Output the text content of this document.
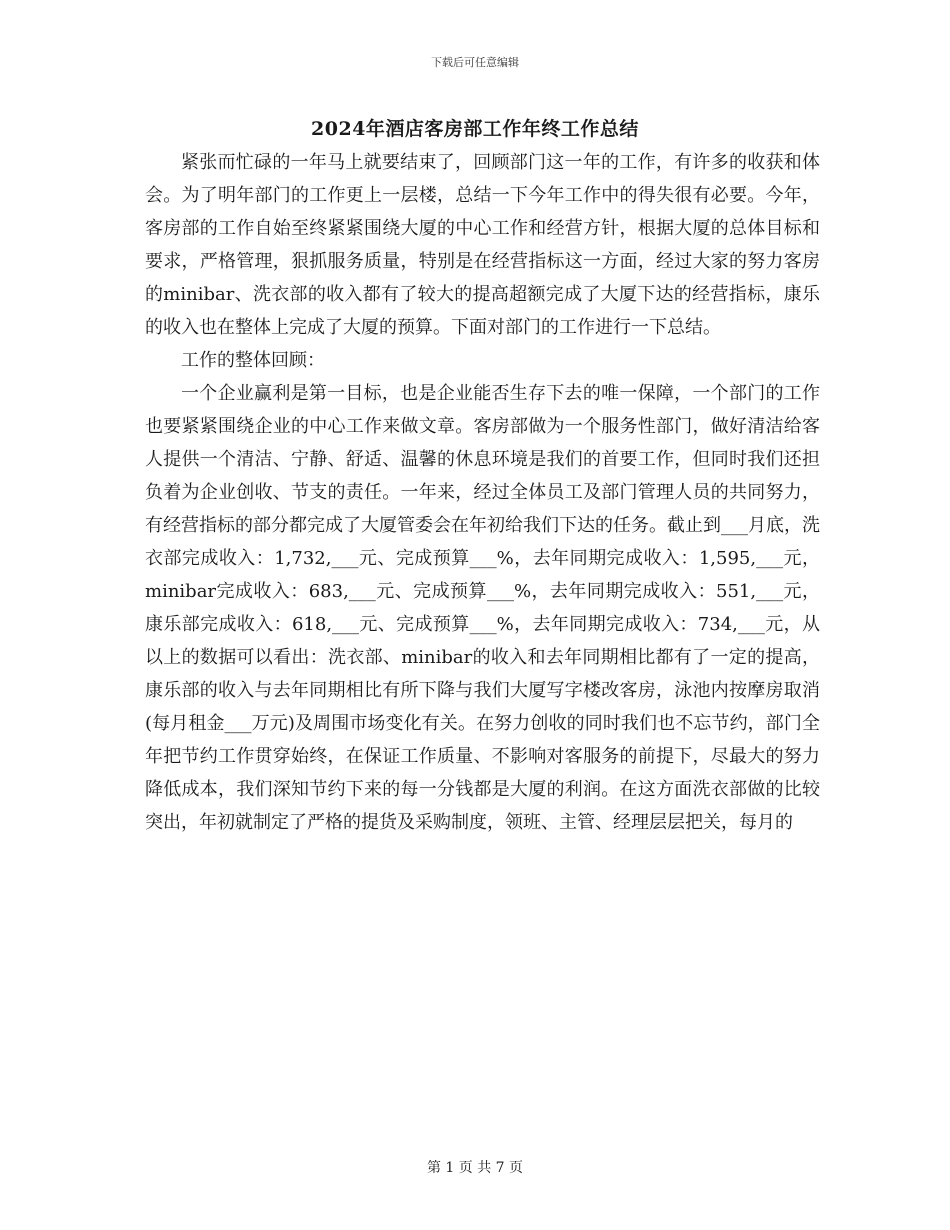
下载后可任意编辑
2024年酒店客房部工作年终工作总结

紧张而忙碌的一年马上就要结束了，回顾部门这一年的工作，有许多的收获和体会。为了明年部门的工作更上一层楼，总结一下今年工作中的得失很有必要。今年，客房部的工作自始至终紧紧围绕大厦的中心工作和经营方针，根据大厦的总体目标和要求，严格管理，狠抓服务质量，特别是在经营指标这一方面，经过大家的努力客房的minibar、洗衣部的收入都有了较大的提高超额完成了大厦下达的经营指标，康乐的收入也在整体上完成了大厦的预算。下面对部门的工作进行一下总结。

工作的整体回顾：

一个企业赢利是第一目标，也是企业能否生存下去的唯一保障，一个部门的工作也要紧紧围绕企业的中心工作来做文章。客房部做为一个服务性部门，做好清洁给客人提供一个清洁、宁静、舒适、温馨的休息环境是我们的首要工作，但同时我们还担负着为企业创收、节支的责任。一年来，经过全体员工及部门管理人员的共同努力，有经营指标的部分都完成了大厦管委会在年初给我们下达的任务。截止到___月底，洗衣部完成收入：1,732,___元、完成预算___%，去年同期完成收入：1,595,___元，minibar完成收入：683,___元、完成预算___%，去年同期完成收入：551,___元，康乐部完成收入：618,___元、完成预算___%，去年同期完成收入：734,___元，从以上的数据可以看出：洗衣部、minibar的收入和去年同期相比都有了一定的提高，康乐部的收入与去年同期相比有所下降与我们大厦写字楼改客房，泳池内按摩房取消(每月租金___万元)及周围市场变化有关。在努力创收的同时我们也不忘节约，部门全年把节约工作贯穿始终，在保证工作质量、不影响对客服务的前提下，尽最大的努力降低成本，我们深知节约下来的每一分钱都是大厦的利润。在这方面洗衣部做的比较突出，年初就制定了严格的提货及采购制度，领班、主管、经理层层把关，每月的

第 1 页 共 7 页
